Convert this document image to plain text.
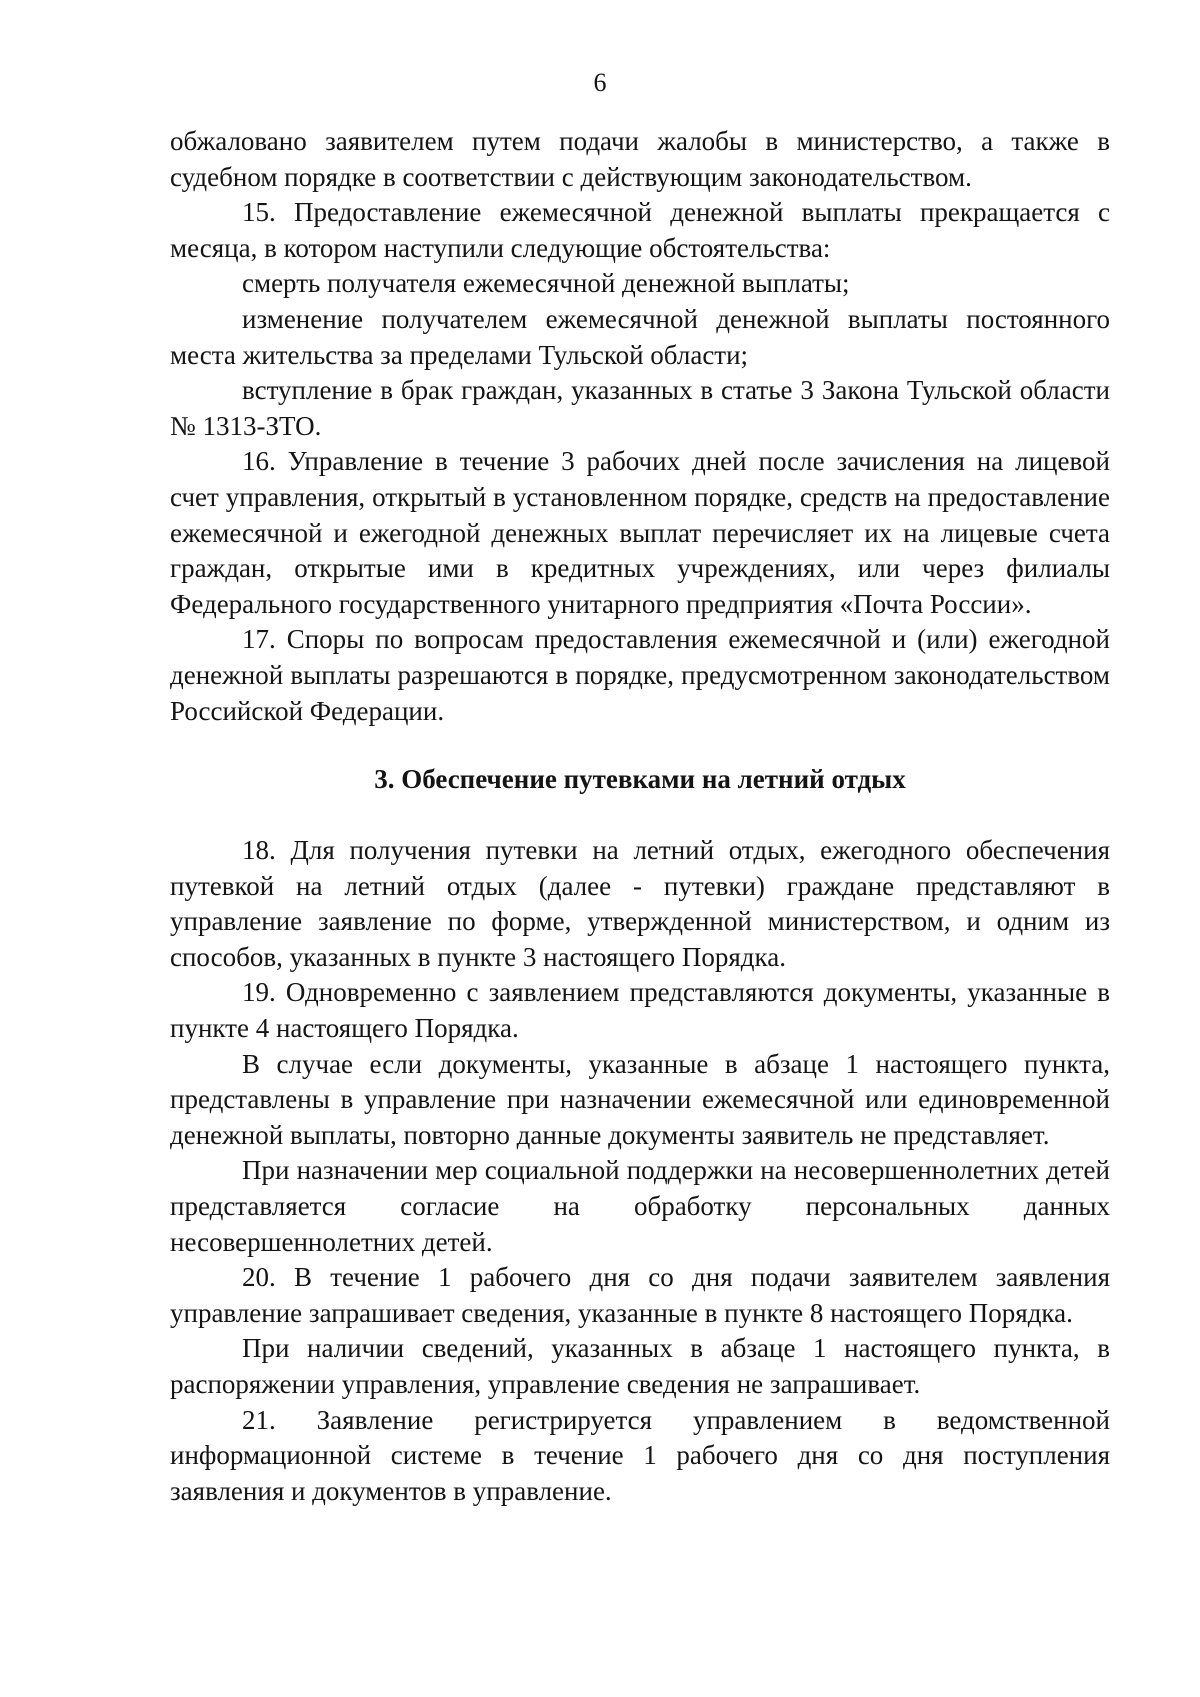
6

обжаловано заявителем путем подачи жалобы в министерство, а также в судебном порядке в соответствии с действующим законодательством.

15. Предоставление ежемесячной денежной выплаты прекращается с месяца, в котором наступили следующие обстоятельства:

смерть получателя ежемесячной денежной выплаты;

изменение получателем ежемесячной денежной выплаты постоянного места жительства за пределами Тульской области;

вступление в брак граждан, указанных в статье 3 Закона Тульской области № 1313-ЗТО.

16. Управление в течение 3 рабочих дней после зачисления на лицевой счет управления, открытый в установленном порядке, средств на предоставление ежемесячной и ежегодной денежных выплат перечисляет их на лицевые счета граждан, открытые ими в кредитных учреждениях, или через филиалы Федерального государственного унитарного предприятия «Почта России».

17. Споры по вопросам предоставления ежемесячной и (или) ежегодной денежной выплаты разрешаются в порядке, предусмотренном законодательством Российской Федерации.

3. Обеспечение путевками на летний отдых

18. Для получения путевки на летний отдых, ежегодного обеспечения путевкой на летний отдых (далее - путевки) граждане представляют в управление заявление по форме, утвержденной министерством, и одним из способов, указанных в пункте 3 настоящего Порядка.

19. Одновременно с заявлением представляются документы, указанные в пункте 4 настоящего Порядка.

В случае если документы, указанные в абзаце 1 настоящего пункта, представлены в управление при назначении ежемесячной или единовременной денежной выплаты, повторно данные документы заявитель не представляет.

При назначении мер социальной поддержки на несовершеннолетних детей представляется согласие на обработку персональных данных несовершеннолетних детей.

20. В течение 1 рабочего дня со дня подачи заявителем заявления управление запрашивает сведения, указанные в пункте 8 настоящего Порядка.

При наличии сведений, указанных в абзаце 1 настоящего пункта, в распоряжении управления, управление сведения не запрашивает.

21. Заявление регистрируется управлением в ведомственной информационной системе в течение 1 рабочего дня со дня поступления заявления и документов в управление.
